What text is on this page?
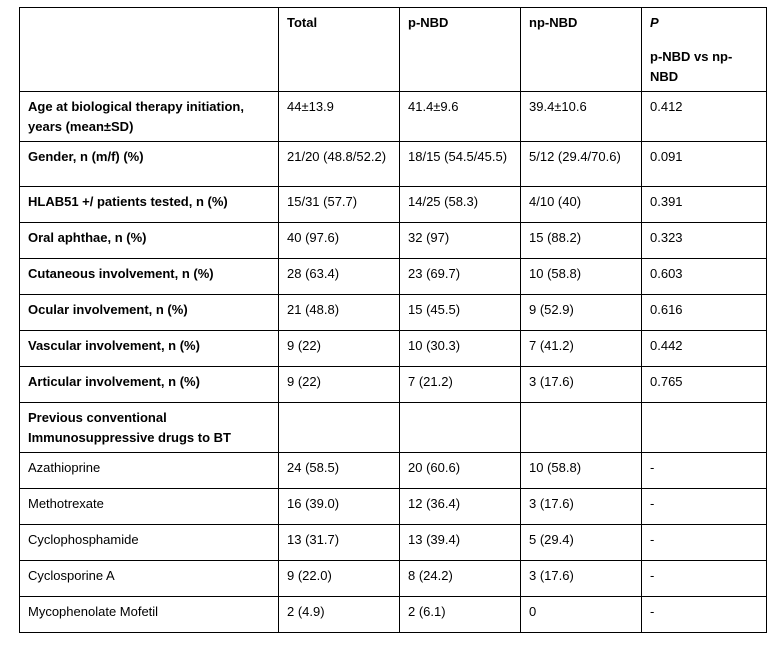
	Total	p-NBD	np-NBD	P
p-NBD vs np-NBD

Age at biological therapy initiation, years (mean±SD)	44±13.9	41.4±9.6	39.4±10.6	0.412
Gender, n (m/f) (%)	21/20 (48.8/52.2)	18/15 (54.5/45.5)	5/12 (29.4/70.6)	0.091
HLAB51 +/ patients tested, n (%)	15/31 (57.7)	14/25 (58.3)	4/10 (40)	0.391
Oral aphthae, n (%)	40 (97.6)	32 (97)	15 (88.2)	0.323
Cutaneous involvement, n (%)	28 (63.4)	23 (69.7)	10 (58.8)	0.603
Ocular involvement, n (%)	21 (48.8)	15 (45.5)	9 (52.9)	0.616
Vascular involvement, n (%)	9 (22)	10 (30.3)	7 (41.2)	0.442
Articular involvement, n (%)	9 (22)	7 (21.2)	3 (17.6)	0.765
Previous conventional Immunosuppressive drugs to BT				
Azathioprine	24 (58.5)	20 (60.6)	10 (58.8)	-
Methotrexate	16 (39.0)	12 (36.4)	3 (17.6)	-
Cyclophosphamide	13 (31.7)	13 (39.4)	5 (29.4)	-
Cyclosporine A	9 (22.0)	8 (24.2)	3 (17.6)	-
Mycophenolate Mofetil	2 (4.9)	2 (6.1)	0	-
